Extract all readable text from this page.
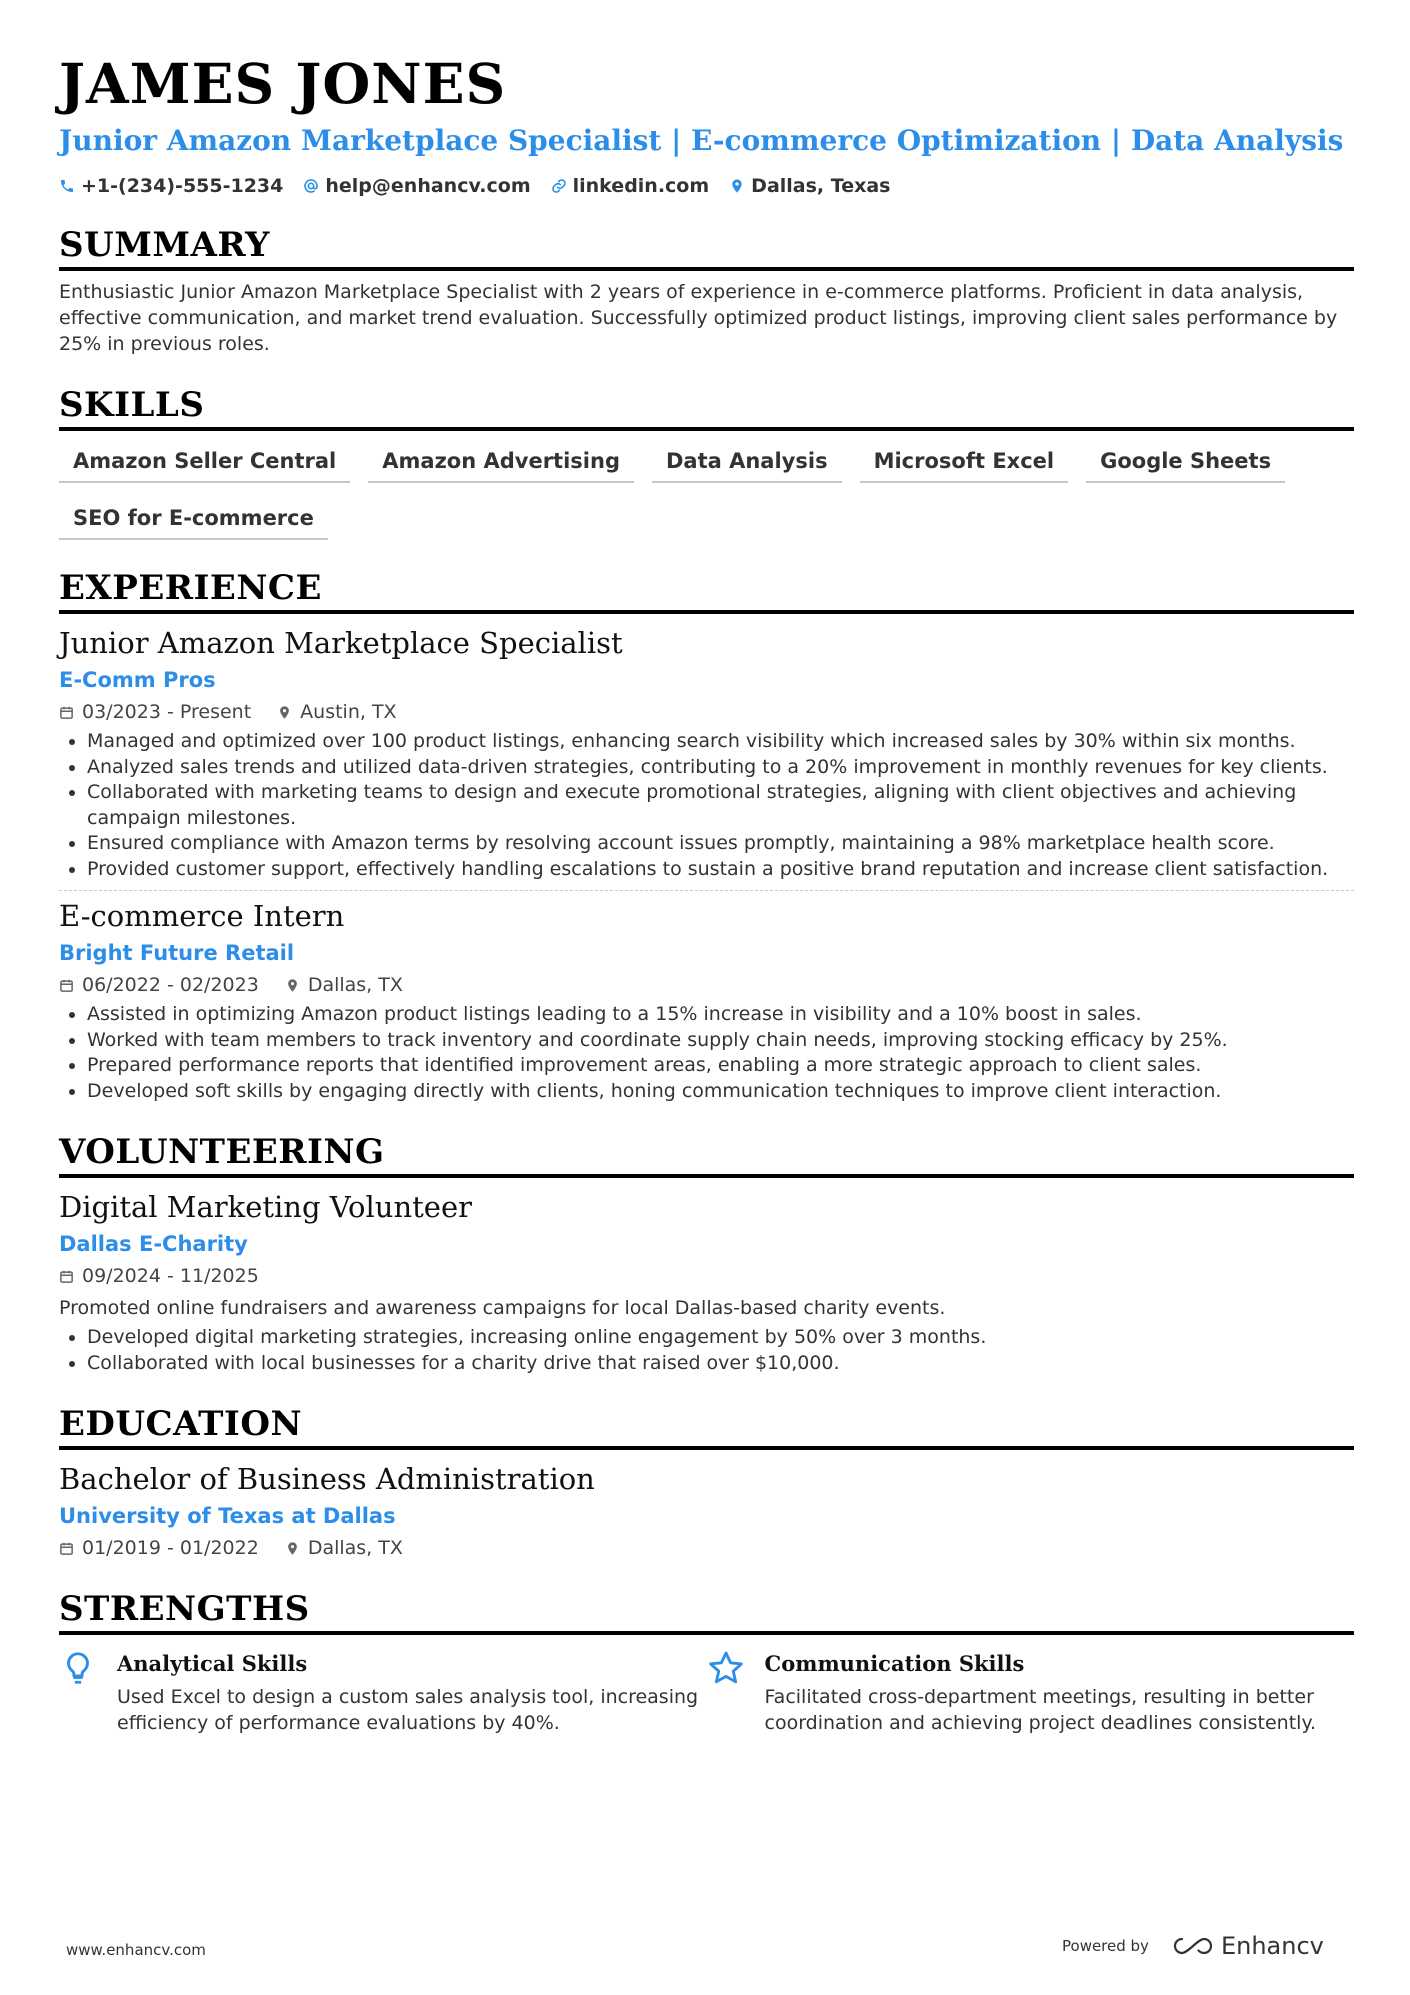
JAMES JONES
Junior Amazon Marketplace Specialist | E-commerce Optimization | Data Analysis
+1-(234)-555-1234 help@enhancv.com linkedin.com Dallas, Texas
SUMMARY
Enthusiastic Junior Amazon Marketplace Specialist with 2 years of experience in e-commerce platforms. Proficient in data analysis, effective communication, and market trend evaluation. Successfully optimized product listings, improving client sales performance by 25% in previous roles.
SKILLS
Amazon Seller Central	Amazon Advertising	Data Analysis	Microsoft Excel	Google Sheets
SEO for E-commerce
EXPERIENCE
Junior Amazon Marketplace Specialist
E-Comm Pros
03/2023 - Present	Austin, TX
• Managed and optimized over 100 product listings, enhancing search visibility which increased sales by 30% within six months.
• Analyzed sales trends and utilized data-driven strategies, contributing to a 20% improvement in monthly revenues for key clients.
• Collaborated with marketing teams to design and execute promotional strategies, aligning with client objectives and achieving campaign milestones.
• Ensured compliance with Amazon terms by resolving account issues promptly, maintaining a 98% marketplace health score.
• Provided customer support, effectively handling escalations to sustain a positive brand reputation and increase client satisfaction.
E-commerce Intern
Bright Future Retail
06/2022 - 02/2023	Dallas, TX
• Assisted in optimizing Amazon product listings leading to a 15% increase in visibility and a 10% boost in sales.
• Worked with team members to track inventory and coordinate supply chain needs, improving stocking efficacy by 25%.
• Prepared performance reports that identified improvement areas, enabling a more strategic approach to client sales.
• Developed soft skills by engaging directly with clients, honing communication techniques to improve client interaction.
VOLUNTEERING
Digital Marketing Volunteer
Dallas E-Charity
09/2024 - 11/2025
Promoted online fundraisers and awareness campaigns for local Dallas-based charity events.
• Developed digital marketing strategies, increasing online engagement by 50% over 3 months.
• Collaborated with local businesses for a charity drive that raised over $10,000.
EDUCATION
Bachelor of Business Administration
University of Texas at Dallas
01/2019 - 01/2022	Dallas, TX
STRENGTHS
Analytical Skills
Used Excel to design a custom sales analysis tool, increasing efficiency of performance evaluations by 40%.
Communication Skills
Facilitated cross-department meetings, resulting in better coordination and achieving project deadlines consistently.
www.enhancv.com	Powered by	Enhancv
